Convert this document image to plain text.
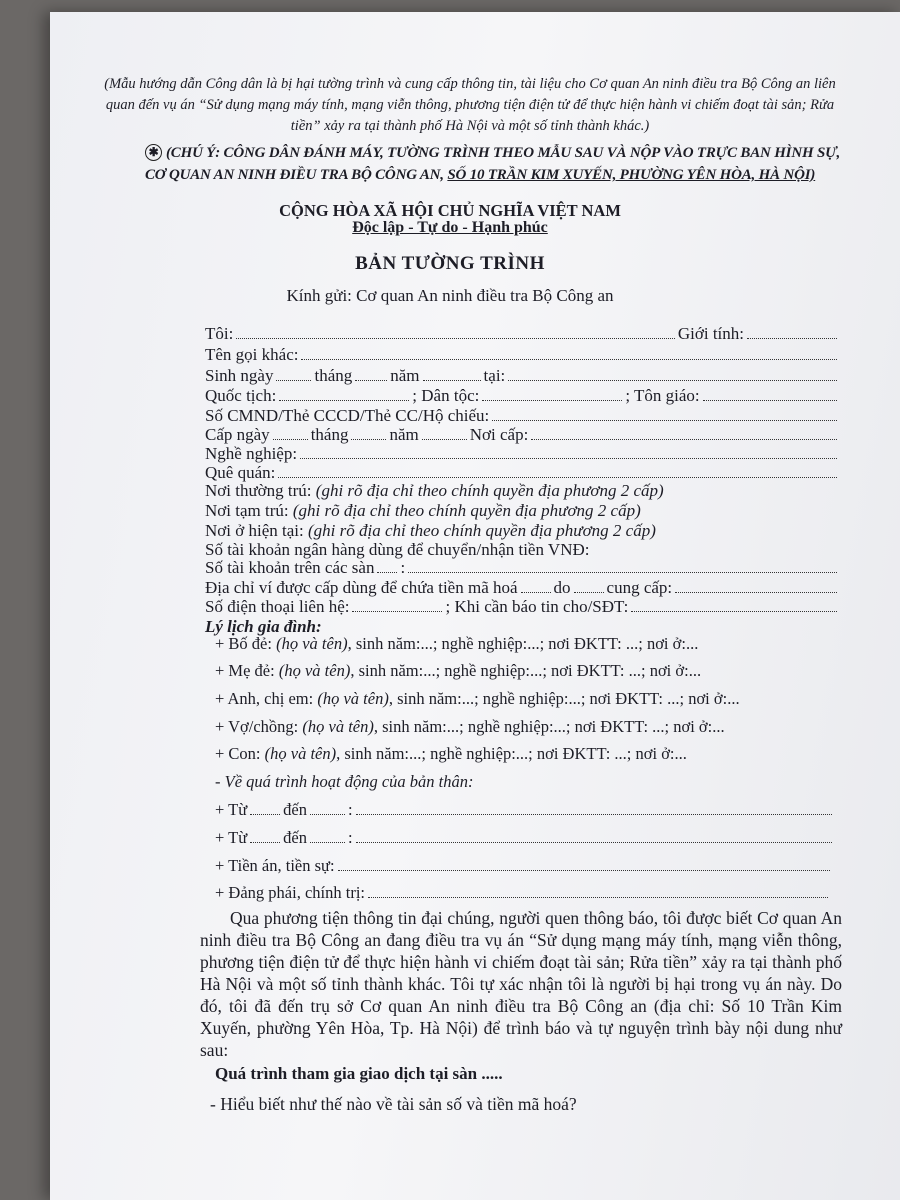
(Mẫu hướng dẫn Công dân là bị hại tường trình và cung cấp thông tin, tài liệu cho Cơ quan An ninh điều tra Bộ Công an liên quan đến vụ án “Sử dụng mạng máy tính, mạng viễn thông, phương tiện điện tử để thực hiện hành vi chiếm đoạt tài sản; Rửa tiền” xảy ra tại thành phố Hà Nội và một số tỉnh thành khác.)
✱ (CHÚ Ý: CÔNG DÂN ĐÁNH MÁY, TƯỜNG TRÌNH THEO MẪU SAU VÀ NỘP VÀO TRỰC BAN HÌNH SỰ, CƠ QUAN AN NINH ĐIỀU TRA BỘ CÔNG AN, SỐ 10 TRẦN KIM XUYẾN, PHƯỜNG YÊN HÒA, HÀ NỘI)
CỘNG HÒA XÃ HỘI CHỦ NGHĨA VIỆT NAM
Độc lập - Tự do - Hạnh phúc
BẢN TƯỜNG TRÌNH
Kính gửi: Cơ quan An ninh điều tra Bộ Công an
Tôi:	Giới tính:
Tên gọi khác:
Sinh ngày tháng năm	tại:
Quốc tịch:	; Dân tộc:	; Tôn giáo:
Số CMND/Thẻ CCCD/Thẻ CC/Hộ chiếu:
Cấp ngày tháng năm	Nơi cấp:
Nghề nghiệp:
Quê quán:
Nơi thường trú: (ghi rõ địa chỉ theo chính quyền địa phương 2 cấp)
Nơi tạm trú: (ghi rõ địa chỉ theo chính quyền địa phương 2 cấp)
Nơi ở hiện tại: (ghi rõ địa chỉ theo chính quyền địa phương 2 cấp)
Số tài khoản ngân hàng dùng để chuyển/nhận tiền VNĐ:
Số tài khoản trên các sàn :
Địa chỉ ví được cấp dùng để chứa tiền mã hoá do cung cấp:
Số điện thoại liên hệ:	; Khi cần báo tin cho/SĐT:
Lý lịch gia đình:
+ Bố đẻ: (họ và tên), sinh năm:...; nghề nghiệp:...; nơi ĐKTT: ...; nơi ở:...
+ Mẹ đẻ: (họ và tên), sinh năm:...; nghề nghiệp:...; nơi ĐKTT: ...; nơi ở:...
+ Anh, chị em: (họ và tên), sinh năm:...; nghề nghiệp:...; nơi ĐKTT: ...; nơi ở:...
+ Vợ/chồng: (họ và tên), sinh năm:...; nghề nghiệp:...; nơi ĐKTT: ...; nơi ở:...
+ Con: (họ và tên), sinh năm:...; nghề nghiệp:...; nơi ĐKTT: ...; nơi ở:...
- Về quá trình hoạt động của bản thân:
+ Từ đến :
+ Từ đến :
+ Tiền án, tiền sự:
+ Đảng phái, chính trị:
Qua phương tiện thông tin đại chúng, người quen thông báo, tôi được biết Cơ quan An ninh điều tra Bộ Công an đang điều tra vụ án “Sử dụng mạng máy tính, mạng viễn thông, phương tiện điện tử để thực hiện hành vi chiếm đoạt tài sản; Rửa tiền” xảy ra tại thành phố Hà Nội và một số tỉnh thành khác. Tôi tự xác nhận tôi là người bị hại trong vụ án này. Do đó, tôi đã đến trụ sở Cơ quan An ninh điều tra Bộ Công an (địa chỉ: Số 10 Trần Kim Xuyến, phường Yên Hòa, Tp. Hà Nội) để trình báo và tự nguyện trình bày nội dung như sau:
Quá trình tham gia giao dịch tại sàn .....
- Hiểu biết như thế nào về tài sản số và tiền mã hoá?
